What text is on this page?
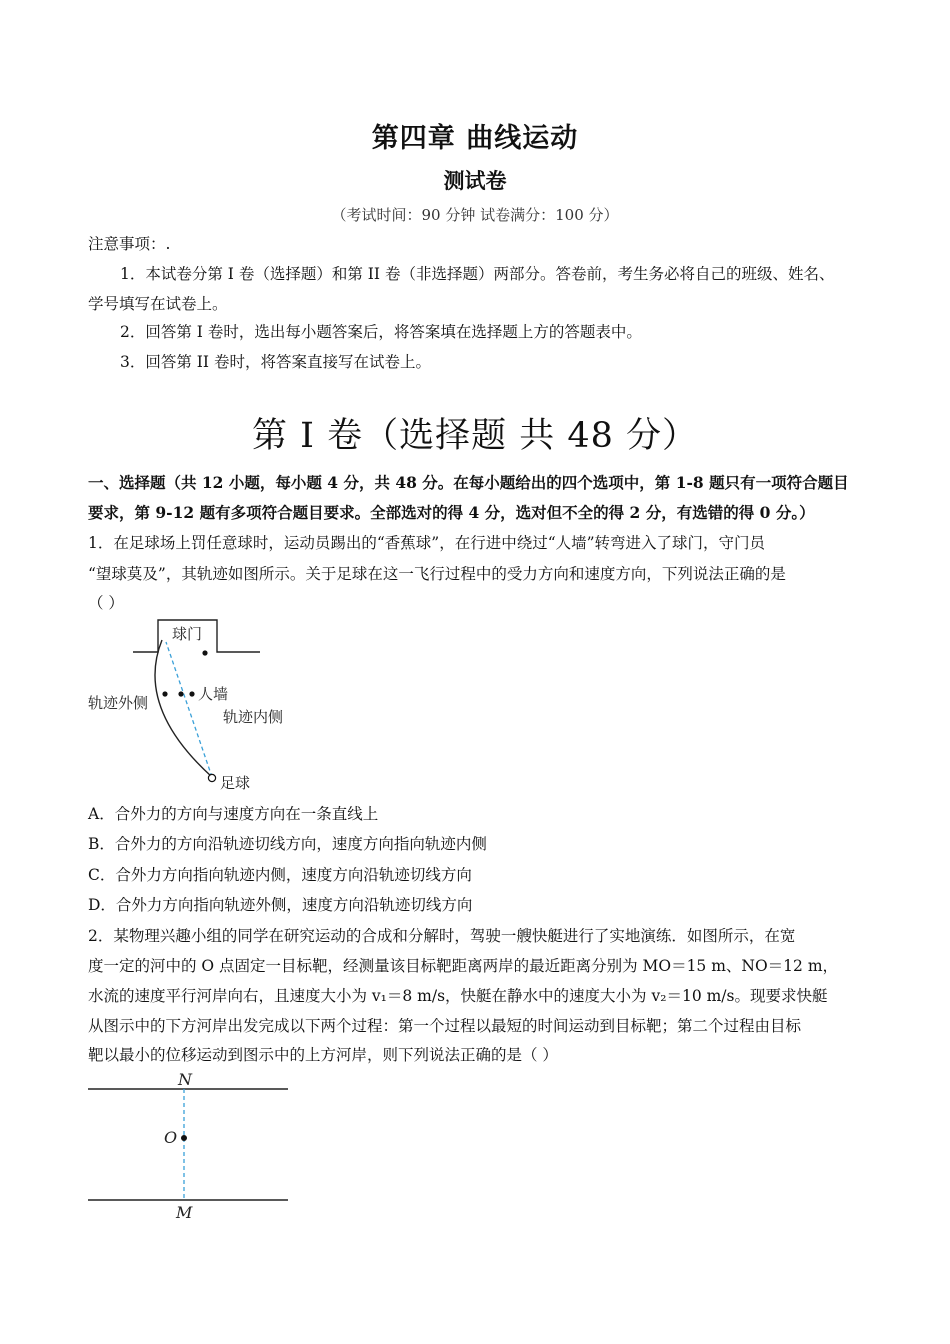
第四章 曲线运动
测试卷
（考试时间：90 分钟 试卷满分：100 分）
注意事项：.
1．本试卷分第 I 卷（选择题）和第 II 卷（非选择题）两部分。答卷前，考生务必将自己的班级、姓名、
学号填写在试卷上。
2．回答第 I 卷时，选出每小题答案后，将答案填在选择题上方的答题表中。
3．回答第 II 卷时，将答案直接写在试卷上。
第 I 卷（选择题 共 48 分）
一、选择题（共 12 小题，每小题 4 分，共 48 分。在每小题给出的四个选项中，第 1-8 题只有一项符合题目
要求，第 9-12 题有多项符合题目要求。全部选对的得 4 分，选对但不全的得 2 分，有选错的得 0 分。）
1．在足球场上罚任意球时，运动员踢出的“香蕉球”，在行进中绕过“人墙”转弯进入了球门，守门员
“望球莫及”，其轨迹如图所示。关于足球在这一飞行过程中的受力方向和速度方向，下列说法正确的是
（ ）
球门
人墙
轨迹外侧
轨迹内侧
足球
A．合外力的方向与速度方向在一条直线上
B．合外力的方向沿轨迹切线方向，速度方向指向轨迹内侧
C．合外力方向指向轨迹内侧，速度方向沿轨迹切线方向
D．合外力方向指向轨迹外侧，速度方向沿轨迹切线方向
2．某物理兴趣小组的同学在研究运动的合成和分解时，驾驶一艘快艇进行了实地演练．如图所示，在宽
度一定的河中的 O 点固定一目标靶，经测量该目标靶距离两岸的最近距离分别为 MO＝15 m、NO＝12 m，
水流的速度平行河岸向右，且速度大小为 v₁＝8 m/s，快艇在静水中的速度大小为 v₂＝10 m/s。现要求快艇
从图示中的下方河岸出发完成以下两个过程：第一个过程以最短的时间运动到目标靶；第二个过程由目标
靶以最小的位移运动到图示中的上方河岸，则下列说法正确的是（ ）
N
O
M
